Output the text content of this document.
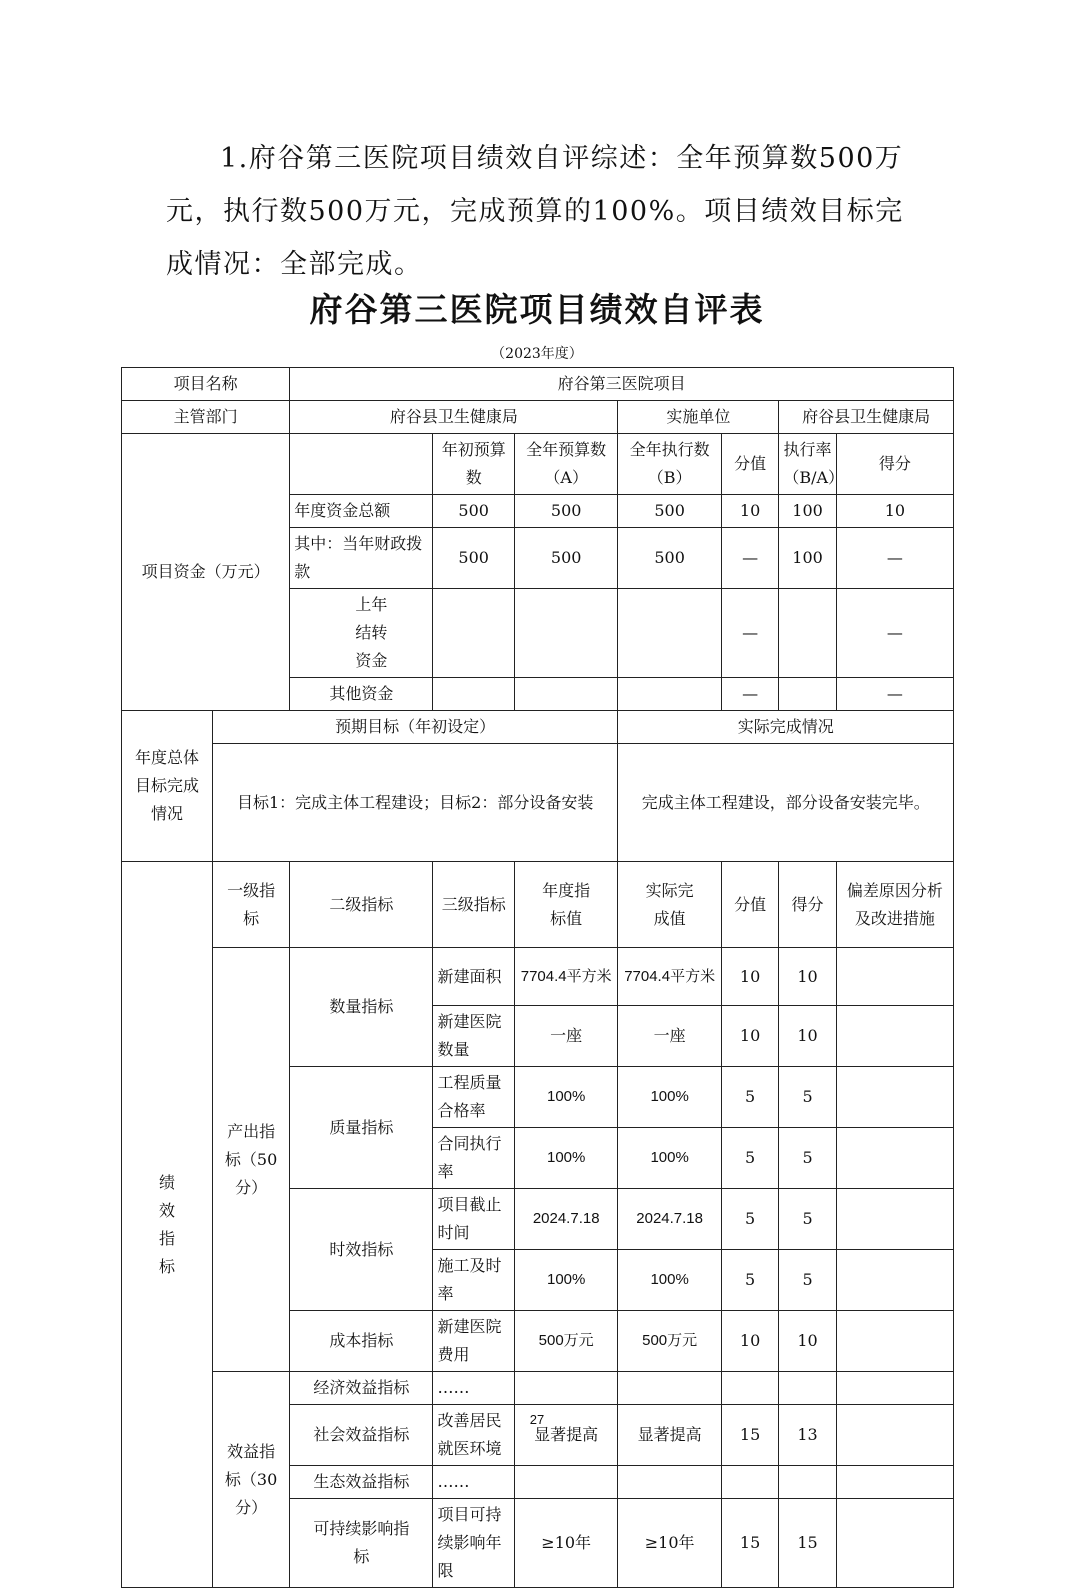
1.府谷第三医院项目绩效自评综述：全年预算数500万元，执行数500万元，完成预算的100%。项目绩效目标完成情况：全部完成。

府谷第三医院项目绩效自评表
（2023年度）
项目名称		府谷第三医院项目						
主管部门		府谷县卫生健康局			实施单位		府谷县卫生健康局	
项目资金（万元）			年初预算数	全年预算数（A）	全年执行数（B）	分值	执行率（B/A）	得分
		年度资金总额	500	500	500	10	100	10
		其中：当年财政拨款	500	500	500	—	100	—
		上年结转资金				—		—
		其他资金				—		—
年度总体目标完成情况	预期目标（年初设定）				实际完成情况			
	目标1：完成主体工程建设；目标2：部分设备安装				完成主体工程建设，部分设备安装完毕。			
绩效指标	一级指标	二级指标	三级指标	年度指标值	实际完成值	分值	得分	偏差原因分析及改进措施
	产出指标（50分）	数量指标	新建面积	7704.4平方米	7704.4平方米	10	10	
			新建医院数量	一座	一座	10	10	
		质量指标	工程质量合格率	100%	100%	5	5	
			合同执行率	100%	100%	5	5	
		时效指标	项目截止时间	2024.7.18	2024.7.18	5	5	
			施工及时率	100%	100%	5	5	
		成本指标	新建医院费用	500万元	500万元	10	10	
	效益指标（30分）	经济效益指标	……					
		社会效益指标	改善居民就医环境	显著提高	显著提高	15	13	
		生态效益指标	……					
		可持续影响指标	项目可持续影响年限	≥10年	≥10年	15	15	
27
